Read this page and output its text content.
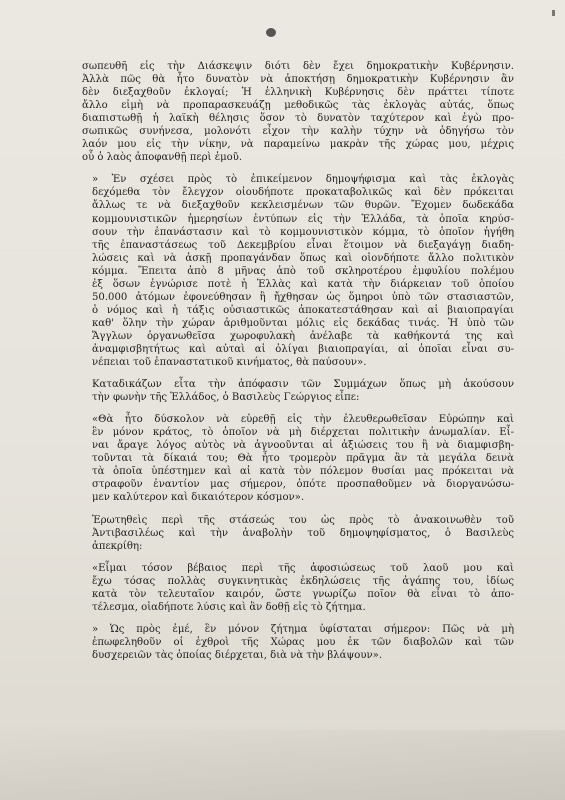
σωπευθῆ εἰς τὴν Διάσκεψιν διότι δὲν ἔχει δημοκρατικὴν Κυβέρνησιν.
Ἀλλὰ πῶς θὰ ἦτο δυνατὸν νὰ ἀποκτήσῃ δημοκρατικὴν Κυβέρνησιν ἂν
δὲν διεξαχθοῦν ἐκλογαί; Ἡ ἑλληνικὴ Κυβέρνησις δὲν πράττει τίποτε
ἄλλο εἰμὴ νὰ προπαρασκευάζῃ μεθοδικῶς τὰς ἐκλογὰς αὐτάς, ὅπως
διαπιστωθῇ ἡ λαϊκὴ θέλησις ὅσον τὸ δυνατὸν ταχύτερον καὶ ἐγὼ προ-
σωπικῶς συνήνεσα, μολονότι εἶχον τὴν καλὴν τύχην νὰ ὁδηγήσω τὸν
λαόν μου εἰς τὴν νίκην, νὰ παραμείνω μακρὰν τῆς χώρας μου, μέχρις
οὗ ὁ λαὸς ἀποφανθῇ περὶ ἐμοῦ.

» Ἐν σχέσει πρὸς τὸ ἐπικείμενον δημοψήφισμα καὶ τὰς ἐκλογὰς
δεχόμεθα τὸν ἔλεγχον οἱουδήποτε προκαταβολικῶς καὶ δὲν πρόκειται
ἄλλως τε νὰ διεξαχθοῦν κεκλεισμένων τῶν θυρῶν. Ἔχομεν δωδεκάδα
κομμουνιστικῶν ἡμερησίων ἐντύπων εἰς τὴν Ἑλλάδα, τὰ ὁποῖα κηρύσ-
σουν τὴν ἐπανάστασιν καὶ τὸ κομμουνιστικὸν κόμμα, τὸ ὁποῖον ἡγήθη
τῆς ἐπαναστάσεως τοῦ Δεκεμβρίου εἶναι ἕτοιμον νὰ διεξαγάγῃ διαδη-
λώσεις καὶ νὰ ἀσκῇ προπαγάνδαν ὅπως καὶ οἱονδήποτε ἄλλο πολιτικὸν
κόμμα. Ἔπειτα ἀπὸ 8 μῆνας ἀπὸ τοῦ σκληροτέρου ἐμφυλίου πολέμου
ἐξ ὅσων ἐγνώρισε ποτὲ ἡ Ἑλλὰς καὶ κατὰ τὴν διάρκειαν τοῦ ὁποίου
50.000 ἀτόμων ἐφονεύθησαν ἢ ἤχθησαν ὡς ὅμηροι ὑπὸ τῶν στασιαστῶν,
ὁ νόμος καὶ ἡ τάξις οὐσιαστικῶς ἀποκατεστάθησαν καὶ αἱ βιαιοπραγίαι
καθ' ὅλην τὴν χώραν ἀριθμοῦνται μόλις εἰς δεκάδας τινάς. Ἡ ὑπὸ τῶν
Ἄγγλων ὀργανωθεῖσα χωροφυλακὴ ἀνέλαβε τὰ καθήκοντά της καὶ
ἀναμφισβητήτως καὶ αὐταὶ αἱ ὀλίγαι βιαιοπραγίαι, αἱ ὁποῖαι εἶναι συ-
νέπειαι τοῦ ἐπαναστατικοῦ κινήματος, θὰ παύσουν».

Καταδικάζων εἶτα τὴν ἀπόφασιν τῶν Συμμάχων ὅπως μὴ ἀκούσουν
τὴν φωνὴν τῆς Ἑλλάδος, ὁ Βασιλεὺς Γεώργιος εἶπε:

«Θὰ ἦτο δύσκολον νὰ εὑρεθῇ εἰς τὴν ἐλευθερωθεῖσαν Εὐρώπην καὶ
ἓν μόνον κράτος, τὸ ὁποῖον νὰ μὴ διέρχεται πολιτικὴν ἀνωμαλίαν. Εἶ-
ναι ἄραγε λόγος αὐτὸς νὰ ἀγνοοῦνται αἱ ἀξιώσεις του ἢ νὰ διαμφισβη-
τοῦνται τὰ δίκαιά του; Θὰ ἦτο τρομερὸν πρᾶγμα ἂν τὰ μεγάλα δεινὰ
τὰ ὁποῖα ὑπέστημεν καὶ αἱ κατὰ τὸν πόλεμον θυσίαι μας πρόκειται νὰ
στραφοῦν ἐναντίον μας σήμερον, ὁπότε προσπαθοῦμεν νὰ διοργανώσω-
μεν καλύτερον καὶ δικαιότερον κόσμον».

Ἐρωτηθεὶς περὶ τῆς στάσεώς του ὡς πρὸς τὸ ἀνακοινωθὲν τοῦ
Ἀντιβασιλέως καὶ τὴν ἀναβολὴν τοῦ δημοψηφίσματος, ὁ Βασιλεὺς
ἀπεκρίθη:

«Εἶμαι τόσον βέβαιος περὶ τῆς ἀφοσιώσεως τοῦ λαοῦ μου καὶ
ἔχω τόσας πολλὰς συγκινητικὰς ἐκδηλώσεις τῆς ἀγάπης του, ἰδίως
κατὰ τὸν τελευταῖον καιρόν, ὥστε γνωρίζω ποῖον θὰ εἶναι τὸ ἀπο-
τέλεσμα, οἱαδήποτε λύσις καὶ ἂν δοθῇ εἰς τὸ ζήτημα.

» Ὡς πρὸς ἐμέ, ἓν μόνον ζήτημα ὑφίσταται σήμερον: Πῶς νὰ μὴ
ἐπωφεληθοῦν οἱ ἐχθροὶ τῆς Χώρας μου ἐκ τῶν διαβολῶν καὶ τῶν
δυσχερειῶν τὰς ὁποίας διέρχεται, διὰ νὰ τὴν βλάψουν».
